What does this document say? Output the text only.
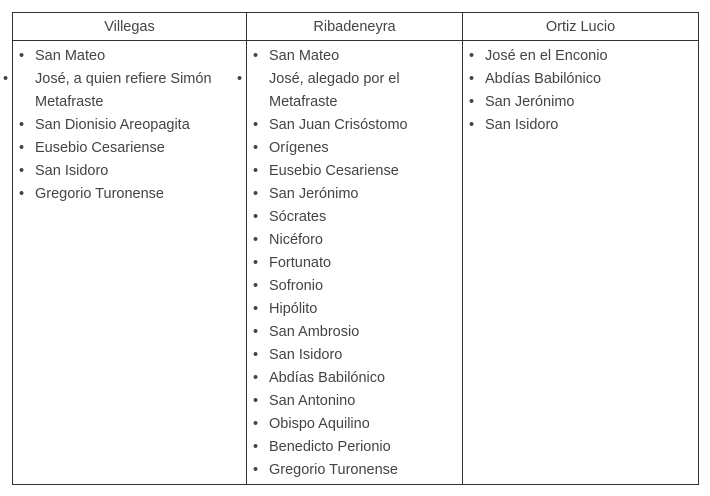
Villegas	Ribadeneyra	Ortiz Lucio
• San Mateo
• José, a quien refiere Simón Metafraste
• San Dionisio Areopagita
• Eusebio Cesariense
• San Isidoro
• Gregorio Turonense
• San Mateo
• José, alegado por el Metafraste
• San Juan Crisóstomo
• Orígenes
• Eusebio Cesariense
• San Jerónimo
• Sócrates
• Nicéforo
• Fortunato
• Sofronio
• Hipólito
• San Ambrosio
• San Isidoro
• Abdías Babilónico
• San Antonino
• Obispo Aquilino
• Benedicto Perionio
• Gregorio Turonense
• José en el Enconio
• Abdías Babilónico
• San Jerónimo
• San Isidoro
